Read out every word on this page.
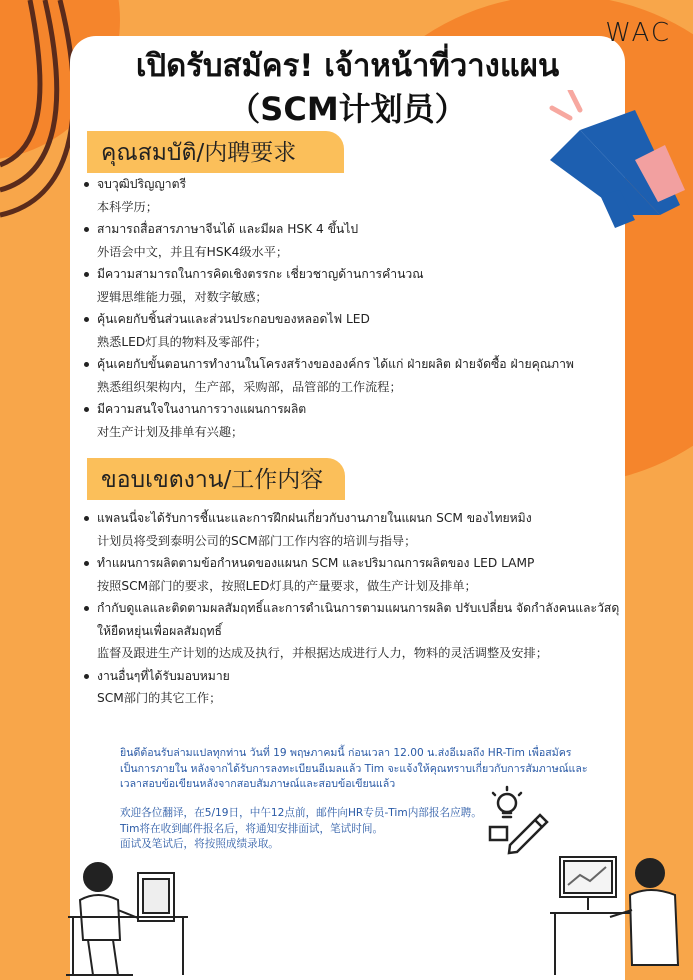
WAC
เปิดรับสมัคร! เจ้าหน้าที่วางแผน
（SCM计划员）
คุณสมบัติ/内聘要求
จบวุฒิปริญญาตรี
本科学历；
สามารถสื่อสารภาษาจีนได้ และมีผล HSK 4 ขึ้นไป
外语会中文，并且有HSK4级水平；
มีความสามารถในการคิดเชิงตรรกะ เชี่ยวชาญด้านการคำนวณ
逻辑思维能力强，对数字敏感；
คุ้นเคยกับชิ้นส่วนและส่วนประกอบของหลอดไฟ LED
熟悉LED灯具的物料及零部件；
คุ้นเคยกับขั้นตอนการทำงานในโครงสร้างขององค์กร ได้แก่ ฝ่ายผลิต ฝ่ายจัดซื้อ ฝ่ายคุณภาพ
熟悉组织架构内，生产部，采购部，品管部的工作流程；
มีความสนใจในงานการวางแผนการผลิต
对生产计划及排单有兴趣；
ขอบเขตงาน/工作内容
แพลนนี่จะได้รับการชี้แนะและการฝึกฝนเกี่ยวกับงานภายในแผนก SCM ของไทยหมิง
计划员将受到泰明公司的SCM部门工作内容的培训与指导；
ทำแผนการผลิตตามข้อกำหนดของแผนก SCM และปริมาณการผลิตของ LED LAMP
按照SCM部门的要求，按照LED灯具的产量要求，做生产计划及排单；
กำกับดูแลและติดตามผลสัมฤทธิ์และการดำเนินการตามแผนการผลิต ปรับเปลี่ยน จัดกำลังคนและวัสดุให้ยืดหยุ่นเพื่อผลสัมฤทธิ์
监督及跟进生产计划的达成及执行，并根据达成进行人力，物料的灵活调整及安排；
งานอื่นๆที่ได้รับมอบหมาย
SCM部门的其它工作；
ยินดีต้อนรับล่ามแปลทุกท่าน วันที่ 19 พฤษภาคมนี้ ก่อนเวลา 12.00 น.ส่งอีเมลถึง HR-Tim เพื่อสมัครเป็นการภายใน หลังจากได้รับการลงทะเบียนอีเมลแล้ว Tim จะแจ้งให้คุณทราบเกี่ยวกับการสัมภาษณ์และเวลาสอบข้อเขียนหลังจากสอบสัมภาษณ์และสอบข้อเขียนแล้ว
欢迎各位翻译，在5/19日，中午12点前，邮件向HR专员-Tim内部报名应聘。
Tim将在收到邮件报名后，将通知安排面试，笔试时间。
面试及笔试后，将按照成绩录取。
